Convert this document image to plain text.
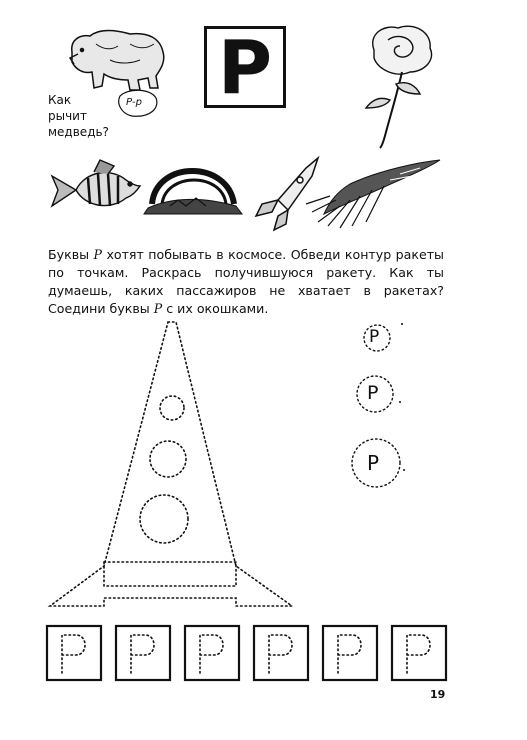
Р
Как
рычит
медведь?
Р-р
Буквы Р хотят побывать в космосе. Обведи контур ракеты по точкам. Раскрась получившуюся ракету. Как ты думаешь, каких пассажиров не хватает в ракетах? Соедини буквы Р с их окошками.
Р
Р
Р
19
